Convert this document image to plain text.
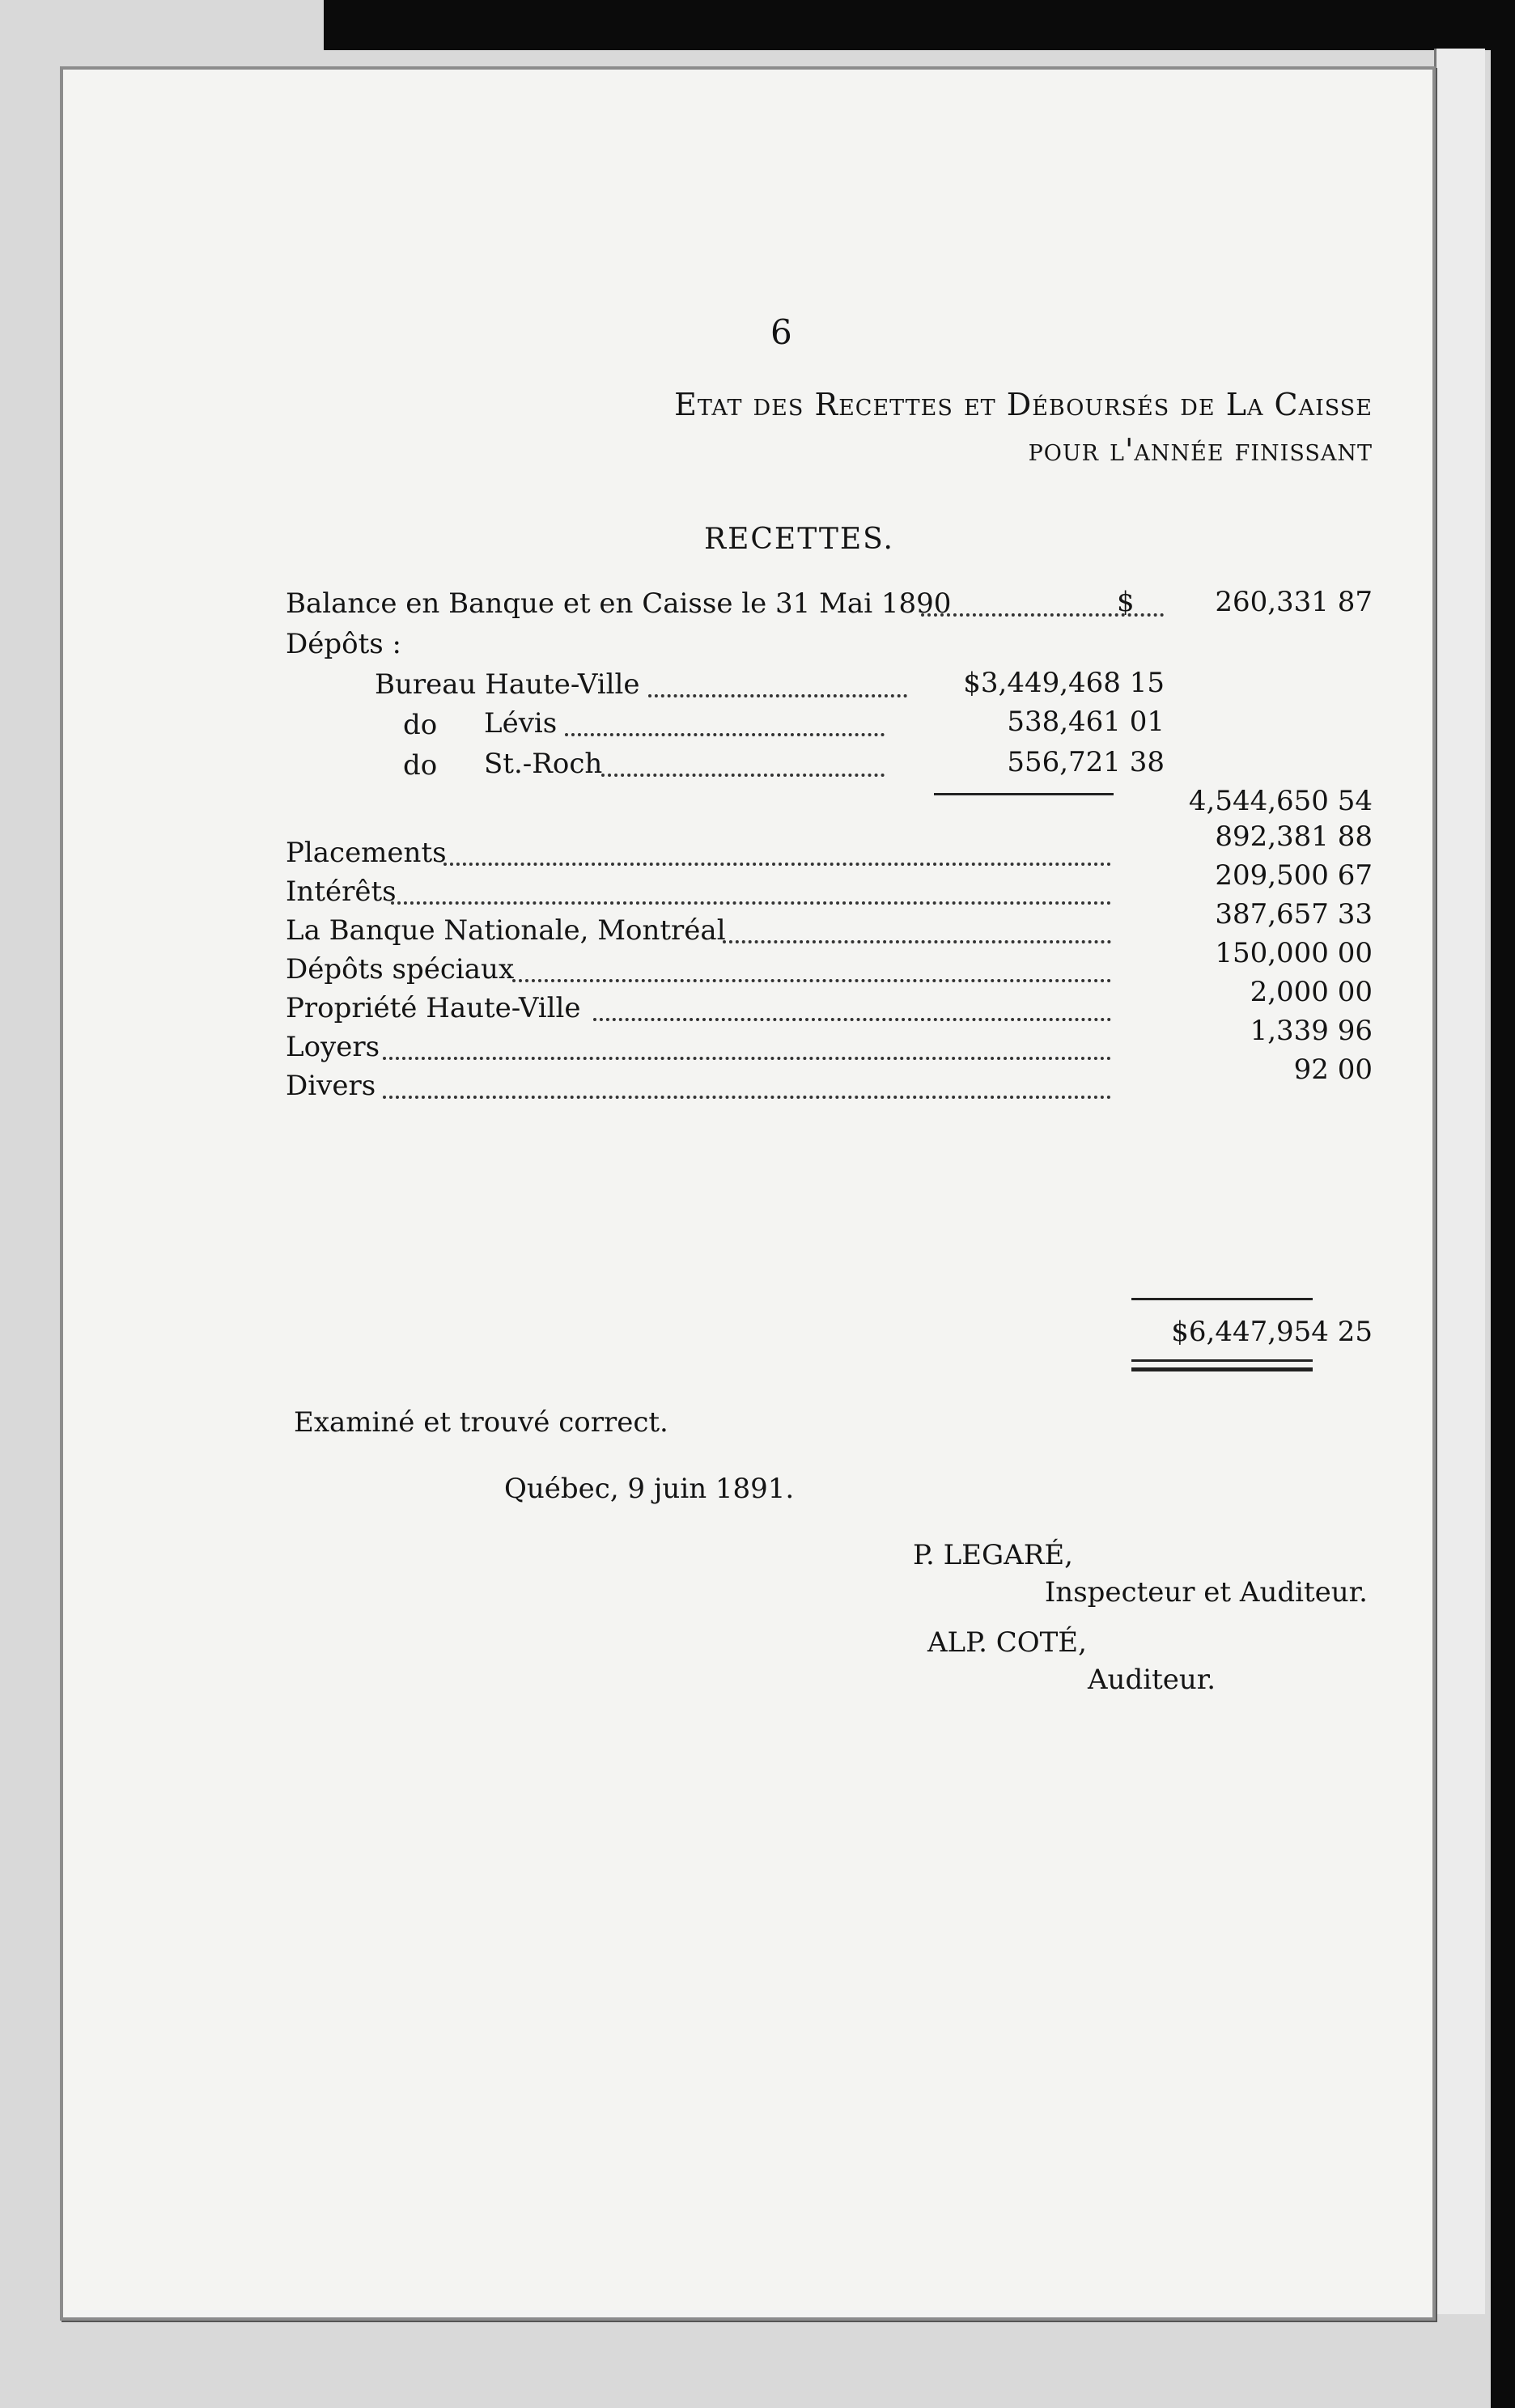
6
Etat des Recettes et Déboursés de La Caisse
pour l'année finissant
RECETTES.
Balance en Banque et en Caisse le 31 Mai 1890	$	260,331 87
Dépôts :
Bureau Haute-Ville	$3,449,468 15
do Lévis	538,461 01
do St.-Roch	556,721 38
4,544,650 54
Placements	892,381 88
Intérêts	209,500 67
La Banque Nationale, Montréal	387,657 33
Dépôts spéciaux	150,000 00
Propriété Haute-Ville	2,000 00
Loyers	1,339 96
Divers	92 00
$6,447,954 25
Examiné et trouvé correct.
Québec, 9 juin 1891.
P. LEGARÉ,
Inspecteur et Auditeur.
ALP. COTÉ,
Auditeur.
